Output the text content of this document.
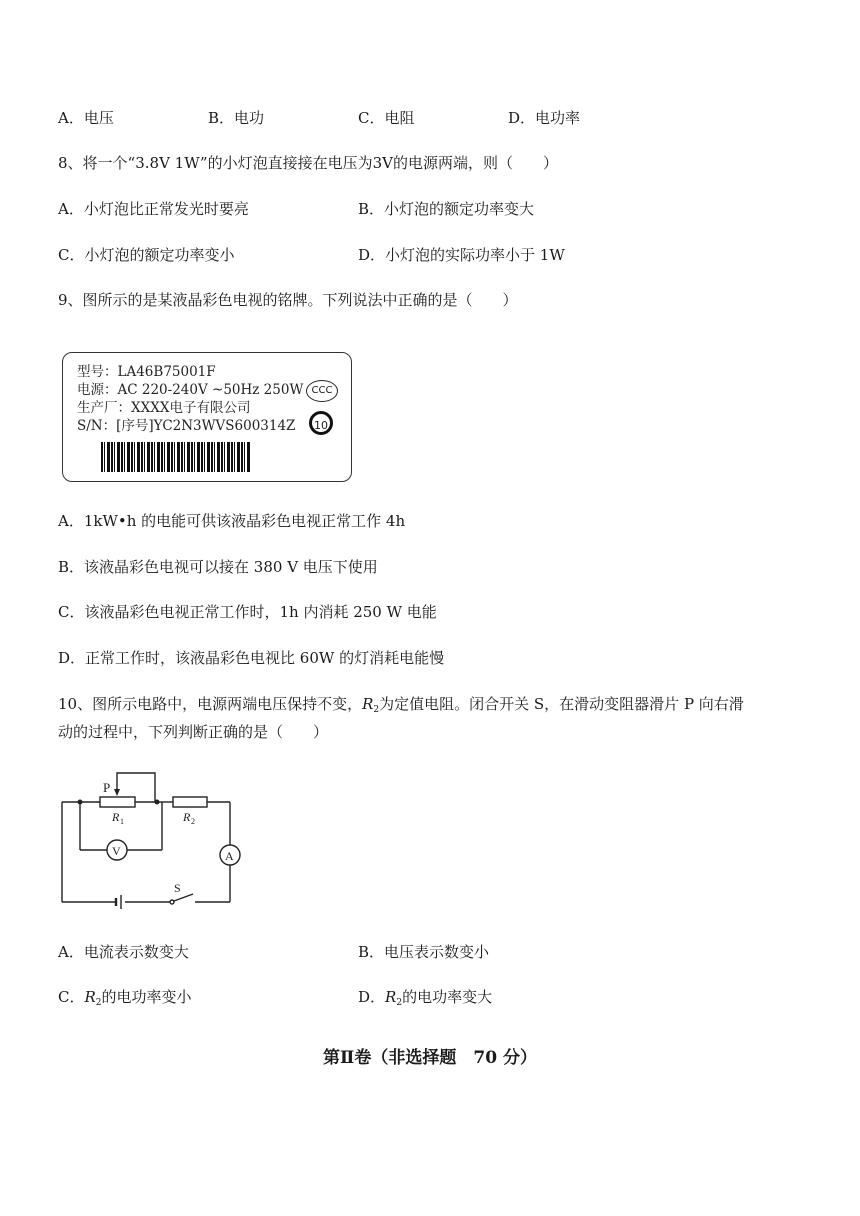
A．电压	B．电功	C．电阻	D．电功率
8、将一个“3.8V 1W”的小灯泡直接接在电压为3V的电源两端，则（　　）
A．小灯泡比正常发光时要亮	B．小灯泡的额定功率变大
C．小灯泡的额定功率变小	D．小灯泡的实际功率小于 1W
9、图所示的是某液晶彩色电视的铭牌。下列说法中正确的是（　　）
型号：LA46B75001F
电源：AC 220-240V ~50Hz 250W
生产厂：XXXX电子有限公司
S/N：[序号]YC2N3WVS600314Z
CCC
10
A．1kW•h 的电能可供该液晶彩色电视正常工作 4h
B．该液晶彩色电视可以接在 380 V 电压下使用
C．该液晶彩色电视正常工作时，1h 内消耗 250 W 电能
D．正常工作时，该液晶彩色电视比 60W 的灯消耗电能慢
10、图所示电路中，电源两端电压保持不变，$R_2$为定值电阻。闭合开关 S，在滑动变阻器滑片 P 向右滑
动的过程中，下列判断正确的是（　　）
P
R 1	R 2
V	A
S
A．电流表示数变大	B．电压表示数变小
C．$R_2$的电功率变小	D．$R_2$的电功率变大
第Ⅱ卷（非选择题　70 分）
